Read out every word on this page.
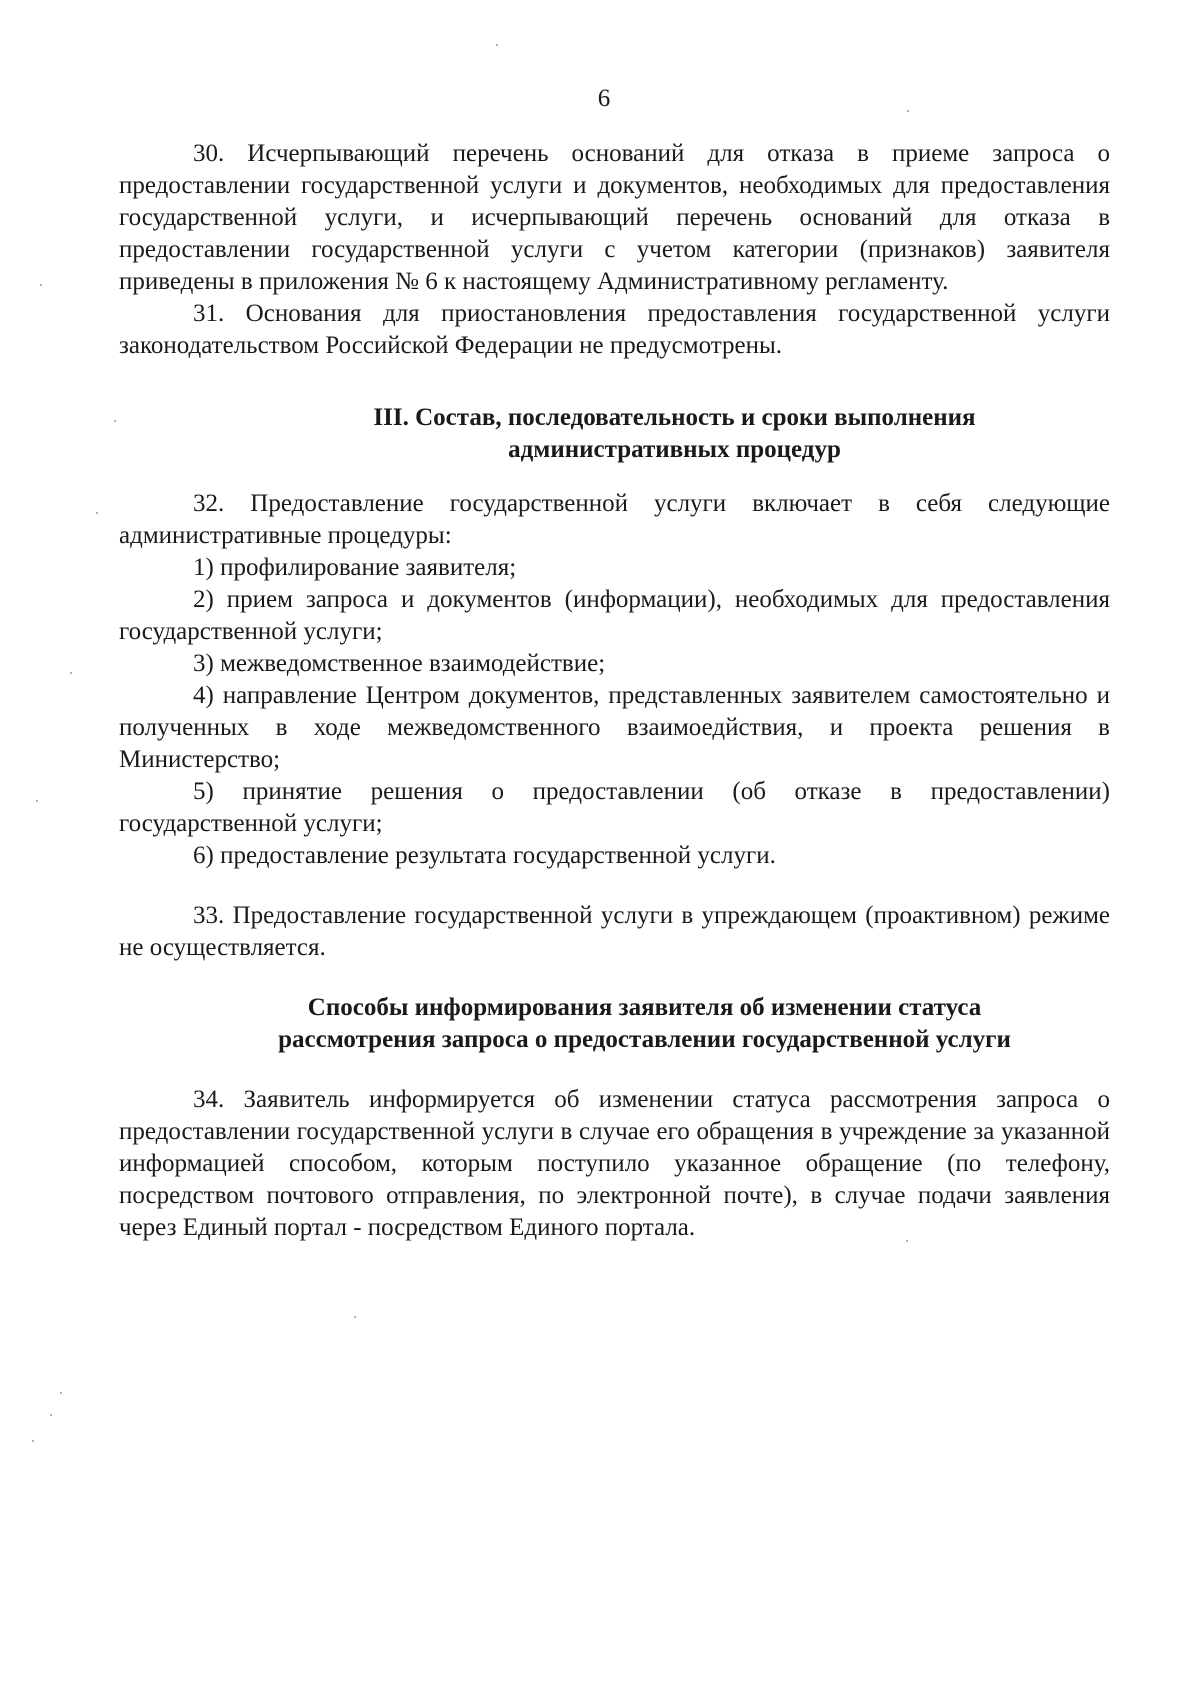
6

30. Исчерпывающий перечень оснований для отказа в приеме запроса о предоставлении государственной услуги и документов, необходимых для предоставления государственной услуги, и исчерпывающий перечень оснований для отказа в предоставлении государственной услуги с учетом категории (признаков) заявителя приведены в приложения № 6 к настоящему Административному регламенту.

31. Основания для приостановления предоставления государственной услуги законодательством Российской Федерации не предусмотрены.

III. Состав, последовательность и сроки выполнения

административных процедур

32. Предоставление государственной услуги включает в себя следующие административные процедуры:

1) профилирование заявителя;

2) прием запроса и документов (информации), необходимых для предоставления государственной услуги;

3) межведомственное взаимодействие;

4) направление Центром документов, представленных заявителем самостоятельно и полученных в ходе межведомственного взаимоедйствия, и проекта решения в Министерство;

5) принятие решения о предоставлении (об отказе в предоставлении) государственной услуги;

6) предоставление результата государственной услуги.

33. Предоставление государственной услуги в упреждающем (проактивном) режиме не осуществляется.

Способы информирования заявителя об изменении статуса

рассмотрения запроса о предоставлении государственной услуги

34. Заявитель информируется об изменении статуса рассмотрения запроса о предоставлении государственной услуги в случае его обращения в учреждение за указанной информацией способом, которым поступило указанное обращение (по телефону, посредством почтового отправления, по электронной почте), в случае подачи заявления через Единый портал - посредством Единого портала.
